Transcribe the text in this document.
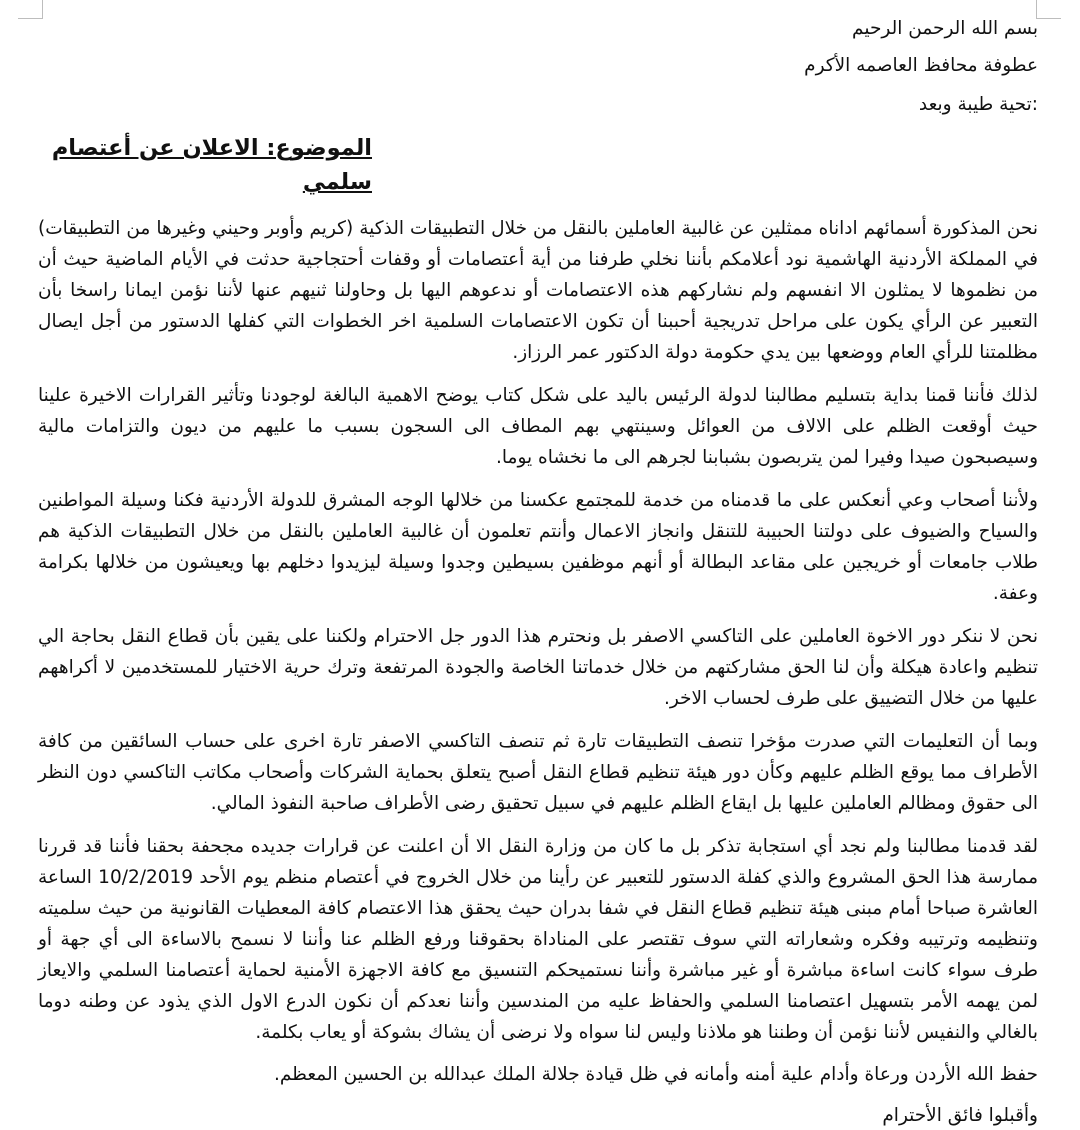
بسم الله الرحمن الرحيم

عطوفة محافظ العاصمه الأكرم

:تحية طيبة وبعد

الموضوع: الاعلان عن أعتصام سلمي

نحن المذكورة أسمائهم اداناه ممثلين عن غالبية العاملين بالنقل من خلال التطبيقات الذكية (كريم وأوبر وحيني وغيرها من التطبيقات) في المملكة الأردنية الهاشمية نود أعلامكم بأننا نخلي طرفنا من أية أعتصامات أو وقفات أحتجاجية حدثت في الأيام الماضية حيث أن من نظموها لا يمثلون الا انفسهم ولم نشاركهم هذه الاعتصامات أو ندعوهم اليها بل وحاولنا ثنيهم عنها لأننا نؤمن ايمانا راسخا بأن التعبير عن الرأي يكون على مراحل تدريجية أحببنا أن تكون الاعتصامات السلمية اخر الخطوات التي كفلها الدستور من أجل ايصال مظلمتنا للرأي العام ووضعها بين يدي حكومة دولة الدكتور عمر الرزاز.

لذلك فأننا قمنا بداية بتسليم مطالبنا لدولة الرئيس باليد على شكل كتاب يوضح الاهمية البالغة لوجودنا وتأثير القرارات الاخيرة علينا حيث أوقعت الظلم على الالاف من العوائل وسينتهي بهم المطاف الى السجون بسبب ما عليهم من ديون والتزامات مالية وسيصبحون صيدا وفيرا لمن يتربصون بشبابنا لجرهم الى ما نخشاه يوما.

ولأننا أصحاب وعي أنعكس على ما قدمناه من خدمة للمجتمع عكسنا من خلالها الوجه المشرق للدولة الأردنية فكنا وسيلة المواطنين والسياح والضيوف على دولتنا الحبيبة للتنقل وانجاز الاعمال وأنتم تعلمون أن غالبية العاملين بالنقل من خلال التطبيقات الذكية هم طلاب جامعات أو خريجين على مقاعد البطالة أو أنهم موظفين بسيطين وجدوا وسيلة ليزيدوا دخلهم بها ويعيشون من خلالها بكرامة وعفة.

نحن لا ننكر دور الاخوة العاملين على التاكسي الاصفر بل ونحترم هذا الدور جل الاحترام ولكننا على يقين بأن قطاع النقل بحاجة الي تنظيم واعادة هيكلة وأن لنا الحق مشاركتهم من خلال خدماتنا الخاصة والجودة المرتفعة وترك حرية الاختيار للمستخدمين لا أكراههم عليها من خلال التضييق على طرف لحساب الاخر.

وبما أن التعليمات التي صدرت مؤخرا تنصف التطبيقات تارة ثم تنصف التاكسي الاصفر تارة اخرى على حساب السائقين من كافة الأطراف مما يوقع الظلم عليهم وكأن دور هيئة تنظيم قطاع النقل أصبح يتعلق بحماية الشركات وأصحاب مكاتب التاكسي دون النظر الى حقوق ومظالم العاملين عليها بل ايقاع الظلم عليهم في سبيل تحقيق رضى الأطراف صاحبة النفوذ المالي.

لقد قدمنا مطالبنا ولم نجد أي استجابة تذكر بل ما كان من وزارة النقل الا أن اعلنت عن قرارات جديده مجحفة بحقنا فأننا قد قررنا ممارسة هذا الحق المشروع والذي كفلة الدستور للتعبير عن رأينا من خلال الخروج في أعتصام منظم يوم الأحد 10/2/2019 الساعة العاشرة صباحا أمام مبنى هيئة تنظيم قطاع النقل في شفا بدران حيث يحقق هذا الاعتصام كافة المعطيات القانونية من حيث سلميته وتنظيمه وترتيبه وفكره وشعاراته التي سوف تقتصر على المناداة بحقوقنا ورفع الظلم عنا وأننا لا نسمح بالاساءة الى أي جهة أو طرف سواء كانت اساءة مباشرة أو غير مباشرة وأننا نستميحكم التنسيق مع كافة الاجهزة الأمنية لحماية أعتصامنا السلمي والايعاز لمن يهمه الأمر بتسهيل اعتصامنا السلمي والحفاظ عليه من المندسين وأننا نعدكم أن نكون الدرع الاول الذي يذود عن وطنه دوما بالغالي والنفيس لأننا نؤمن أن وطننا هو ملاذنا وليس لنا سواه ولا نرضى أن يشاك بشوكة أو يعاب بكلمة.

حفظ الله الأردن ورعاة وأدام علية أمنه وأمانه في ظل قيادة جلالة الملك عبدالله بن الحسين المعظم.

وأقبلوا فائق الأحترام
